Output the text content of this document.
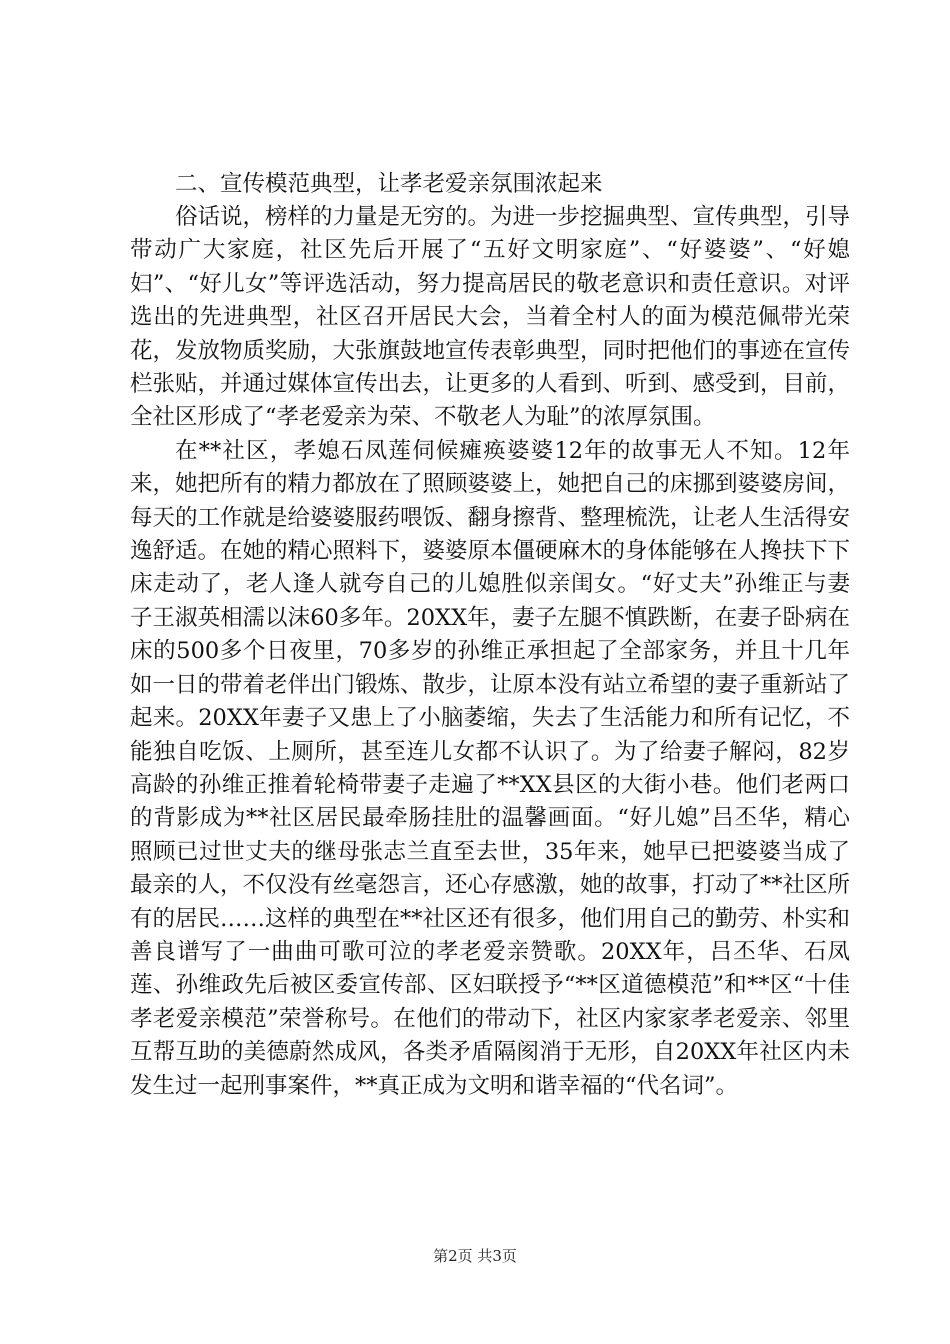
二、宣传模范典型，让孝老爱亲氛围浓起来

俗话说，榜样的力量是无穷的。为进一步挖掘典型、宣传典型，引导带动广大家庭，社区先后开展了“五好文明家庭”、“好婆婆”、“好媳妇”、“好儿女”等评选活动，努力提高居民的敬老意识和责任意识。对评选出的先进典型，社区召开居民大会，当着全村人的面为模范佩带光荣花，发放物质奖励，大张旗鼓地宣传表彰典型，同时把他们的事迹在宣传栏张贴，并通过媒体宣传出去，让更多的人看到、听到、感受到，目前，全社区形成了“孝老爱亲为荣、不敬老人为耻”的浓厚氛围。

在**社区，孝媳石凤莲伺候瘫痪婆婆12年的故事无人不知。12年来，她把所有的精力都放在了照顾婆婆上，她把自己的床挪到婆婆房间，每天的工作就是给婆婆服药喂饭、翻身擦背、整理梳洗，让老人生活得安逸舒适。在她的精心照料下，婆婆原本僵硬麻木的身体能够在人搀扶下下床走动了，老人逢人就夸自己的儿媳胜似亲闺女。“好丈夫”孙维正与妻子王淑英相濡以沫60多年。20XX年，妻子左腿不慎跌断，在妻子卧病在床的500多个日夜里，70多岁的孙维正承担起了全部家务，并且十几年如一日的带着老伴出门锻炼、散步，让原本没有站立希望的妻子重新站了起来。20XX年妻子又患上了小脑萎缩，失去了生活能力和所有记忆，不能独自吃饭、上厕所，甚至连儿女都不认识了。为了给妻子解闷，82岁高龄的孙维正推着轮椅带妻子走遍了**XX县区的大街小巷。他们老两口的背影成为**社区居民最牵肠挂肚的温馨画面。“好儿媳”吕丕华，精心照顾已过世丈夫的继母张志兰直至去世，35年来，她早已把婆婆当成了最亲的人，不仅没有丝毫怨言，还心存感激，她的故事，打动了**社区所有的居民……这样的典型在**社区还有很多，他们用自己的勤劳、朴实和善良谱写了一曲曲可歌可泣的孝老爱亲赞歌。20XX年，吕丕华、石凤莲、孙维政先后被区委宣传部、区妇联授予“**区道德模范”和**区“十佳孝老爱亲模范”荣誉称号。在他们的带动下，社区内家家孝老爱亲、邻里互帮互助的美德蔚然成风，各类矛盾隔阂消于无形，自20XX年社区内未发生过一起刑事案件，**真正成为文明和谐幸福的“代名词”。

第2页 共3页
